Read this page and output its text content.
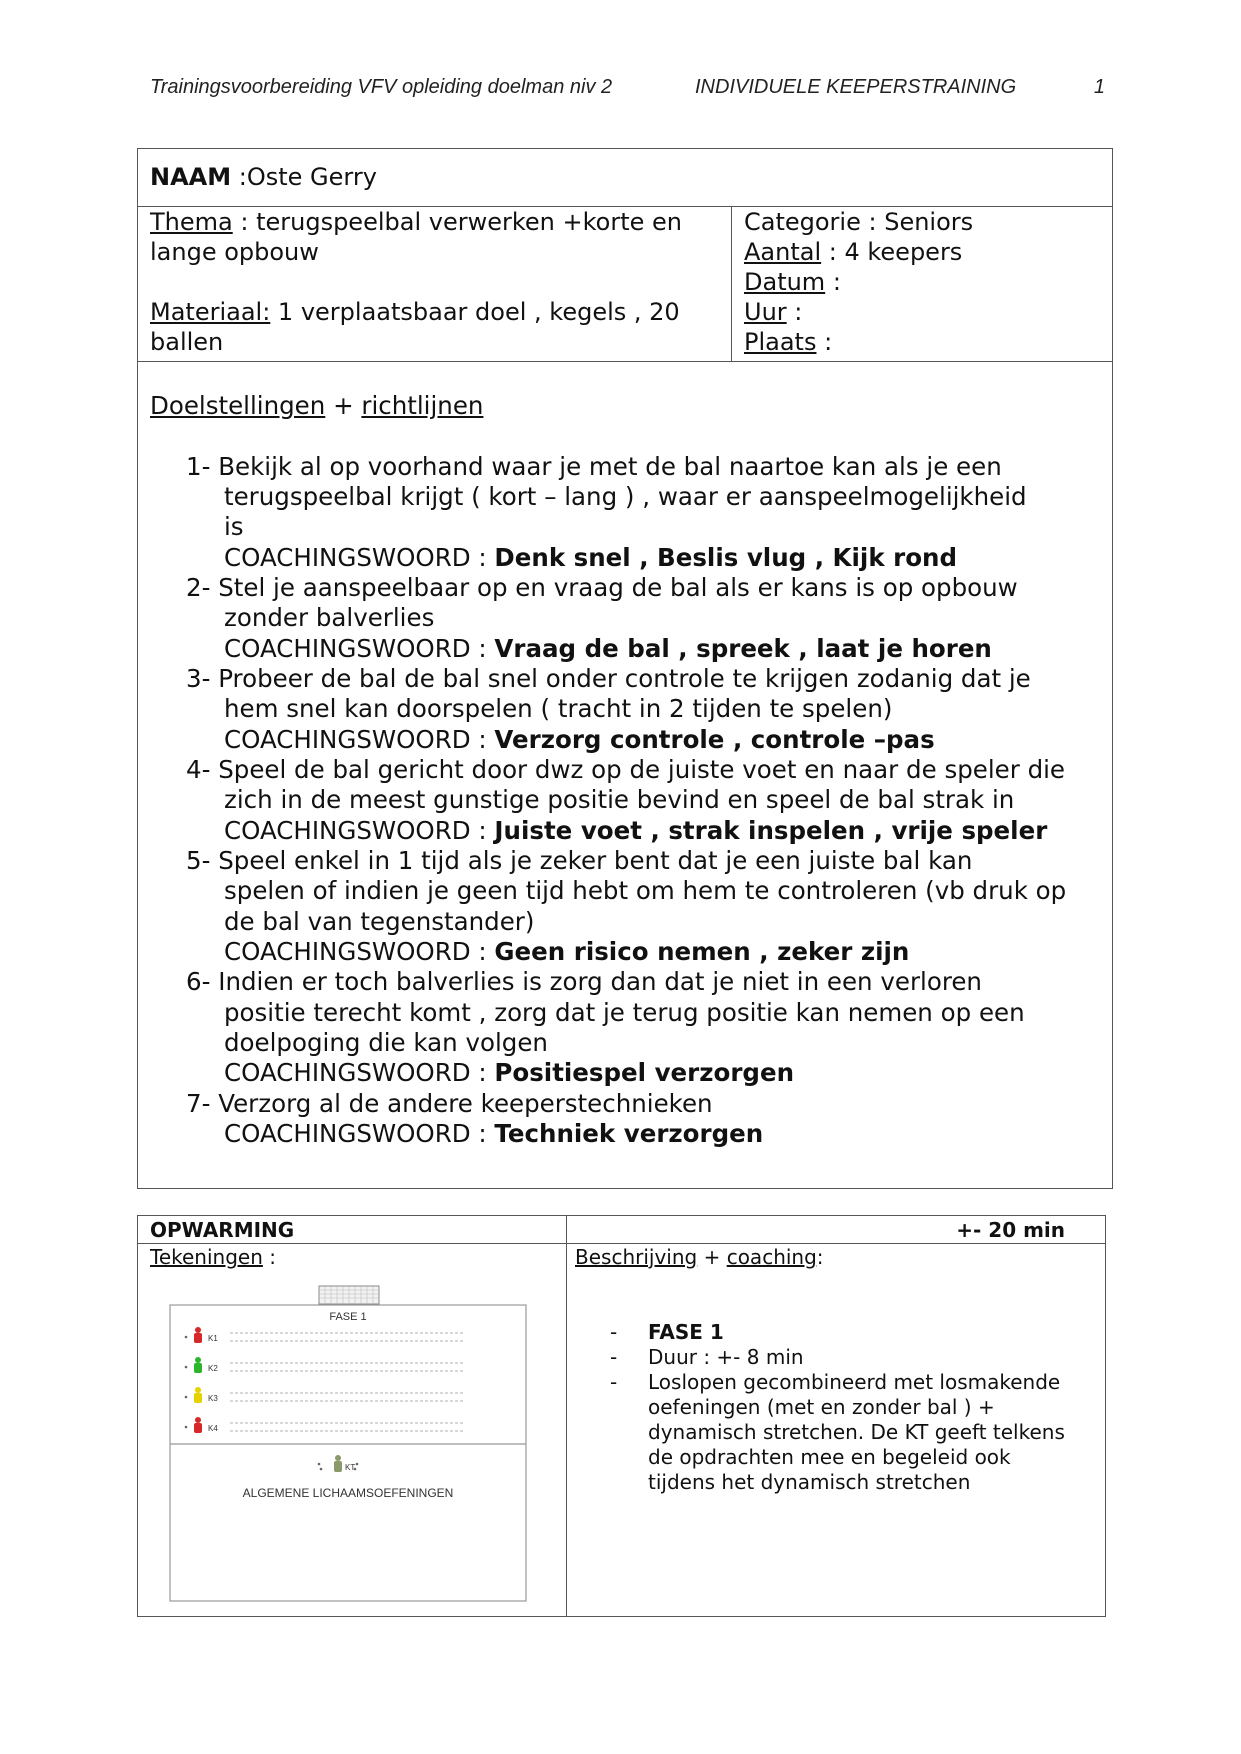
Trainingsvoorbereiding VFV opleiding doelman niv 2	INDIVIDUELE KEEPERSTRAINING	1
NAAM :Oste Gerry
Thema : terugspeelbal verwerken +korte en
lange opbouw
Materiaal: 1 verplaatsbaar doel , kegels , 20
ballen
Categorie : Seniors
Aantal : 4 keepers
Datum :
Uur :
Plaats :
Doelstellingen + richtlijnen
1- Bekijk al op voorhand waar je met de bal naartoe kan als je een
terugspeelbal krijgt ( kort – lang ) , waar er aanspeelmogelijkheid
is
COACHINGSWOORD : Denk snel , Beslis vlug , Kijk rond
2- Stel je aanspeelbaar op en vraag de bal als er kans is op opbouw
zonder balverlies
COACHINGSWOORD : Vraag de bal , spreek , laat je horen
3- Probeer de bal de bal snel onder controle te krijgen zodanig dat je
hem snel kan doorspelen ( tracht in 2 tijden te spelen)
COACHINGSWOORD : Verzorg controle , controle –pas
4- Speel de bal gericht door dwz op de juiste voet en naar de speler die
zich in de meest gunstige positie bevind en speel de bal strak in
COACHINGSWOORD : Juiste voet , strak inspelen , vrije speler
5- Speel enkel in 1 tijd als je zeker bent dat je een juiste bal kan
spelen of indien je geen tijd hebt om hem te controleren (vb druk op
de bal van tegenstander)
COACHINGSWOORD : Geen risico nemen , zeker zijn
6- Indien er toch balverlies is zorg dan dat je niet in een verloren
positie terecht komt , zorg dat je terug positie kan nemen op een
doelpoging die kan volgen
COACHINGSWOORD : Positiespel verzorgen
7- Verzorg al de andere keeperstechnieken
COACHINGSWOORD : Techniek verzorgen
OPWARMING	+- 20 min
Tekeningen :
FASE 1
K1
K2
K3
K4
KT
ALGEMENE LICHAAMSOEFENINGEN
Beschrijving + coaching:
- FASE 1
- Duur : +- 8 min
- Loslopen gecombineerd met losmakende oefeningen (met en zonder bal ) + dynamisch stretchen. De KT geeft telkens de opdrachten mee en begeleid ook tijdens het dynamisch stretchen
